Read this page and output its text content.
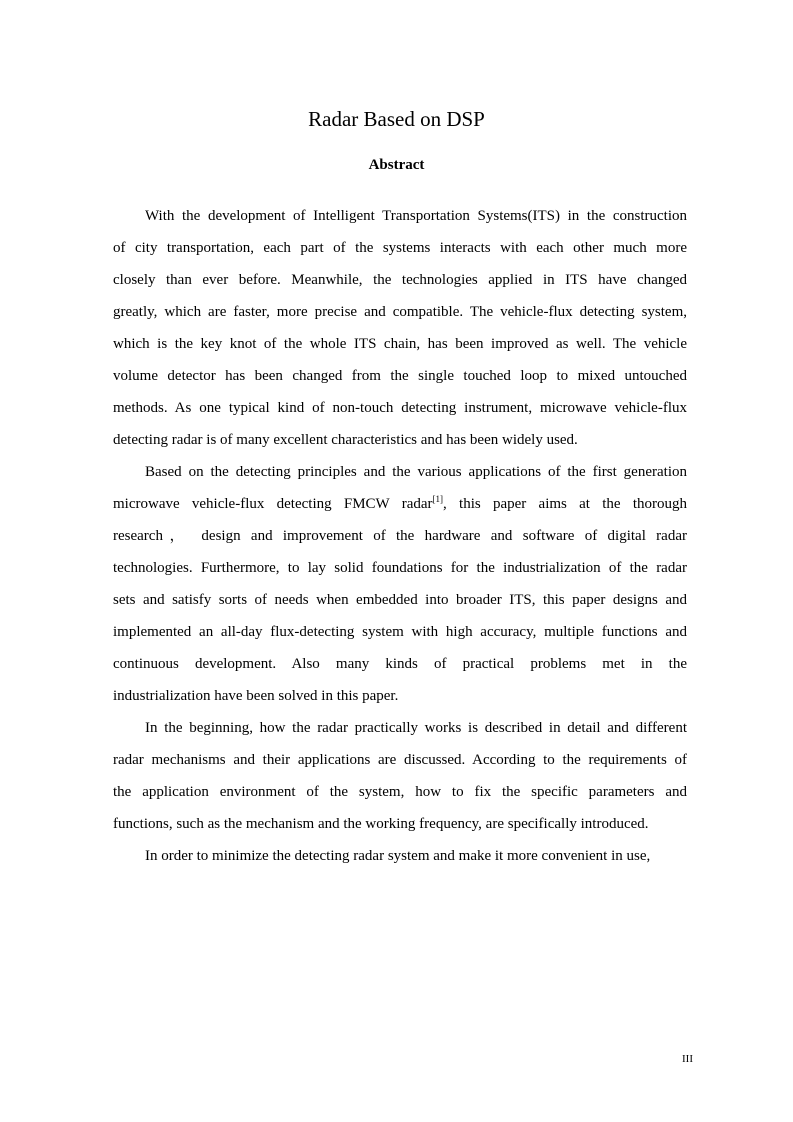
Radar Based on DSP
Abstract
With the development of Intelligent Transportation Systems(ITS) in the construction
of city transportation, each part of the systems interacts with each other much more
closely than ever before. Meanwhile, the technologies applied in ITS have changed
greatly, which are faster, more precise and compatible. The vehicle-flux detecting system,
which is the key knot of the whole ITS chain, has been improved as well. The vehicle
volume detector has been changed from the single touched loop to mixed untouched
methods. As one typical kind of non-touch detecting instrument, microwave vehicle-flux
detecting radar is of many excellent characteristics and has been widely used.
Based on the detecting principles and the various applications of the first generation
microwave vehicle-flux detecting FMCW radar[1], this paper aims at the thorough
research， design and improvement of the hardware and software of digital radar
technologies. Furthermore, to lay solid foundations for the industrialization of the radar
sets and satisfy sorts of needs when embedded into broader ITS, this paper designs and
implemented an all-day flux-detecting system with high accuracy, multiple functions and
continuous development. Also many kinds of practical problems met in the
industrialization have been solved in this paper.
In the beginning, how the radar practically works is described in detail and different
radar mechanisms and their applications are discussed. According to the requirements of
the application environment of the system, how to fix the specific parameters and
functions, such as the mechanism and the working frequency, are specifically introduced.
In order to minimize the detecting radar system and make it more convenient in use,
III
